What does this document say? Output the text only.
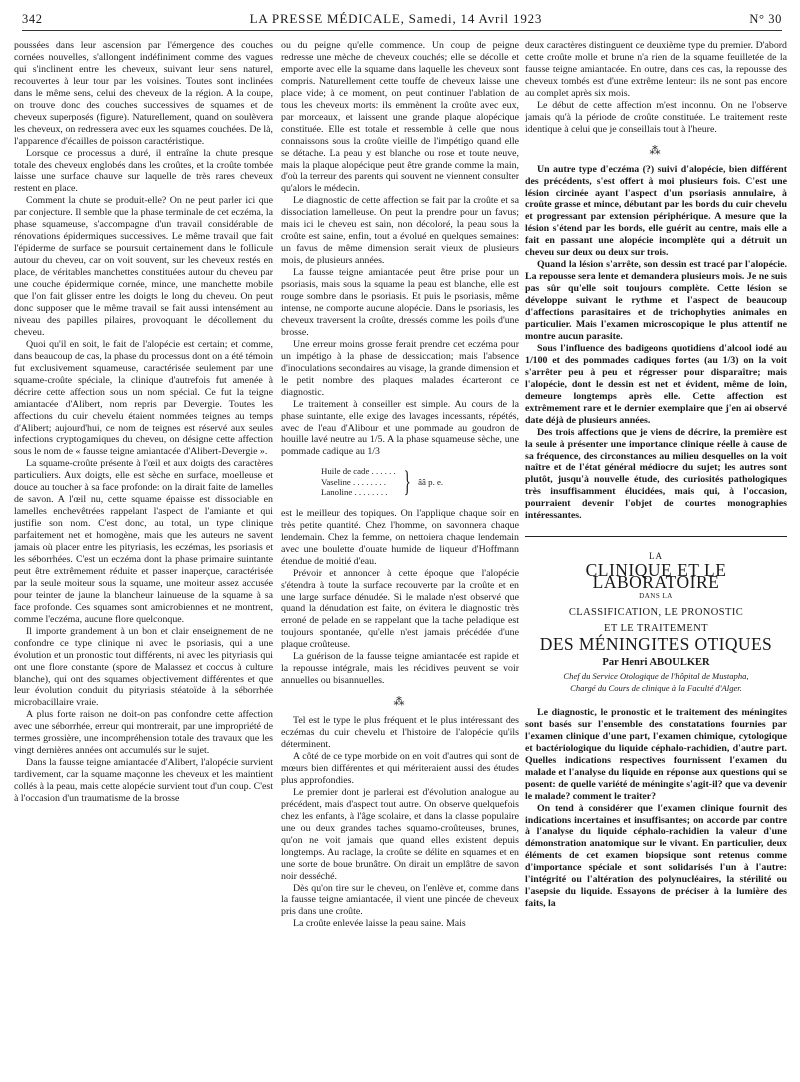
342	LA PRESSE MÉDICALE, Samedi, 14 Avril 1923	N° 30

poussées dans leur ascension par l'émergence des couches cornées nouvelles, s'allongent indéfiniment comme des vagues qui s'inclinent entre les cheveux, suivant leur sens naturel, recouvertes à leur tour par les voisines. Toutes sont inclinées dans le même sens, celui des cheveux de la région. A la coupe, on trouve donc des couches successives de squames et de cheveux superposés (figure). Naturellement, quand on soulèvera les cheveux, on redressera avec eux les squames couchées. De là, l'apparence d'écailles de poisson caractéristique.

Lorsque ce processus a duré, il entraîne la chute presque totale des cheveux englobés dans les croûtes, et la croûte tombée laisse une surface chauve sur laquelle de très rares cheveux restent en place.

Comment la chute se produit-elle? On ne peut parler ici que par conjecture. Il semble que la phase terminale de cet eczéma, la phase squameuse, s'accompagne d'un travail considérable de rénovations épidermiques successives. Le même travail que fait l'épiderme de surface se poursuit certainement dans le follicule autour du cheveu, car on voit souvent, sur les cheveux restés en place, de véritables manchettes constituées autour du cheveu par une couche épidermique cornée, mince, une manchette mobile que l'on fait glisser entre les doigts le long du cheveu. On peut donc supposer que le même travail se fait aussi intensément au niveau des papilles pilaires, provoquant le décollement du cheveu.

Quoi qu'il en soit, le fait de l'alopécie est certain; et comme, dans beaucoup de cas, la phase du processus dont on a été témoin fut exclusivement squameuse, caractérisée seulement par une squame-croûte spéciale, la clinique d'autrefois fut amenée à décrire cette affection sous un nom spécial. Ce fut la teigne amiantacée d'Alibert, nom repris par Devergie. Toutes les affections du cuir chevelu étaient nommées teignes au temps d'Alibert; aujourd'hui, ce nom de teignes est réservé aux seules infections cryptogamiques du cheveu, on désigne cette affection sous le nom de « fausse teigne amiantacée d'Alibert-Devergie ».

La squame-croûte présente à l'œil et aux doigts des caractères particuliers. Aux doigts, elle est sèche en surface, moelleuse et douce au toucher à sa face profonde: on la dirait faite de lamelles de savon. A l'œil nu, cette squame épaisse est dissociable en lamelles enchevêtrées rappelant l'aspect de l'amiante et qui justifie son nom. C'est donc, au total, un type clinique parfaitement net et homogène, mais que les auteurs ne savent jamais où placer entre les pityriasis, les eczémas, les psoriasis et les séborrhées. C'est un eczéma dont la phase primaire suintante peut être extrêmement réduite et passer inaperçue, caractérisée par la seule moiteur sous la squame, une moiteur assez accusée pour teinter de jaune la blancheur lainueuse de la squame à sa face profonde. Ces squames sont amicrobiennes et ne montrent, comme l'eczéma, aucune flore quelconque.

Il importe grandement à un bon et clair enseignement de ne confondre ce type clinique ni avec le psoriasis, qui a une évolution et un pronostic tout différents, ni avec les pityriasis qui ont une flore constante (spore de Malassez et coccus à culture blanche), qui ont des squames objectivement différentes et que leur évolution conduit du pityriasis stéatoïde à la séborrhée microbacillaire vraie.

A plus forte raison ne doit-on pas confondre cette affection avec une séborrhée, erreur qui montrerait, par une impropriété de termes grossière, une incompréhension totale des travaux que les vingt dernières années ont accumulés sur le sujet.

Dans la fausse teigne amiantacée d'Alibert, l'alopécie survient tardivement, car la squame maçonne les cheveux et les maintient collés à la peau, mais cette alopécie survient tout d'un coup. C'est à l'occasion d'un traumatisme de la brosse

ou du peigne qu'elle commence. Un coup de peigne redresse une mèche de cheveux couchés; elle se décolle et emporte avec elle la squame dans laquelle les cheveux sont compris. Naturellement cette touffe de cheveux laisse une place vide; à ce moment, on peut continuer l'ablation de tous les cheveux morts: ils emmènent la croûte avec eux, par morceaux, et laissent une grande plaque alopécique constituée. Elle est totale et ressemble à celle que nous connaissons sous la croûte vieille de l'impétigo quand elle se détache. La peau y est blanche ou rose et toute neuve, mais la plaque alopécique peut être grande comme la main, d'où la terreur des parents qui souvent ne viennent consulter qu'alors le médecin.

Le diagnostic de cette affection se fait par la croûte et sa dissociation lamelleuse. On peut la prendre pour un favus; mais ici le cheveu est sain, non décoloré, la peau sous la croûte est saine, enfin, tout a évolué en quelques semaines: un favus de même dimension serait vieux de plusieurs mois, de plusieurs années.

La fausse teigne amiantacée peut être prise pour un psoriasis, mais sous la squame la peau est blanche, elle est rouge sombre dans le psoriasis. Et puis le psoriasis, même intense, ne comporte aucune alopécie. Dans le psoriasis, les cheveux traversent la croûte, dressés comme les poils d'une brosse.

Une erreur moins grosse ferait prendre cet eczéma pour un impétigo à la phase de dessiccation; mais l'absence d'inoculations secondaires au visage, la grande dimension et le petit nombre des plaques malades écarteront ce diagnostic.

Le traitement à conseiller est simple. Au cours de la phase suintante, elle exige des lavages incessants, répétés, avec de l'eau d'Alibour et une pommade au goudron de houille lavé neutre au 1/5. A la phase squameuse sèche, une pommade cadique au 1/3

Huile de cade . . . . . .
Vaseline . . . . . . . .
Lanoline . . . . . . . . } ââ p. e.

est le meilleur des topiques. On l'applique chaque soir en très petite quantité. Chez l'homme, on savonnera chaque lendemain. Chez la femme, on nettoiera chaque lendemain avec une boulette d'ouate humide de liqueur d'Hoffmann étendue de moitié d'eau.

Prévoir et annoncer à cette époque que l'alopécie s'étendra à toute la surface recouverte par la croûte et en une large surface dénudée. Si le malade n'est observé que quand la dénudation est faite, on évitera le diagnostic très erroné de pelade en se rappelant que la tache peladique est toujours spontanée, qu'elle n'est jamais précédée d'une plaque croûteuse.

La guérison de la fausse teigne amiantacée est rapide et la repousse intégrale, mais les récidives peuvent se voir annuelles ou bisannuelles.

⁂

Tel est le type le plus fréquent et le plus intéressant des eczémas du cuir chevelu et l'histoire de l'alopécie qu'ils déterminent.

A côté de ce type morbide on en voit d'autres qui sont de mœurs bien différentes et qui mériteraient aussi des études plus approfondies.

Le premier dont je parlerai est d'évolution analogue au précédent, mais d'aspect tout autre. On observe quelquefois chez les enfants, à l'âge scolaire, et dans la classe populaire une ou deux grandes taches squamo-croûteuses, brunes, qu'on ne voit jamais que quand elles existent depuis longtemps. Au raclage, la croûte se délite en squames et en une sorte de boue brunâtre. On dirait un emplâtre de savon noir desséché.

Dès qu'on tire sur le cheveu, on l'enlève et, comme dans la fausse teigne amiantacée, il vient une pincée de cheveux pris dans une croûte.

La croûte enlevée laisse la peau saine. Mais

deux caractères distinguent ce deuxième type du premier. D'abord cette croûte molle et brune n'a rien de la squame feuilletée de la fausse teigne amiantacée. En outre, dans ces cas, la repousse des cheveux tombés est d'une extrême lenteur: ils ne sont pas encore au complet après six mois.

Le début de cette affection m'est inconnu. On ne l'observe jamais qu'à la période de croûte constituée. Le traitement reste identique à celui que je conseillais tout à l'heure.

⁂

Un autre type d'eczéma (?) suivi d'alopécie, bien différent des précédents, s'est offert à moi plusieurs fois. C'est une lésion circinée ayant l'aspect d'un psoriasis annulaire, à croûte grasse et mince, débutant par les bords du cuir chevelu et progressant par extension périphérique. A mesure que la lésion s'étend par les bords, elle guérit au centre, mais elle a fait en passant une alopécie incomplète qui a détruit un cheveu sur deux ou deux sur trois.

Quand la lésion s'arrête, son dessin est tracé par l'alopécie. La repousse sera lente et demandera plusieurs mois. Je ne suis pas sûr qu'elle soit toujours complète. Cette lésion se développe suivant le rythme et l'aspect de beaucoup d'affections parasitaires et de trichophyties animales en particulier. Mais l'examen microscopique le plus attentif ne montre aucun parasite.

Sous l'influence des badigeons quotidiens d'alcool iodé au 1/100 et des pommades cadiques fortes (au 1/3) on la voit s'arrêter peu à peu et régresser pour disparaître; mais l'alopécie, dont le dessin est net et évident, même de loin, demeure longtemps après elle. Cette affection est extrêmement rare et le dernier exemplaire que j'en ai observé date déjà de plusieurs années.

Des trois affections que je viens de décrire, la première est la seule à présenter une importance clinique réelle à cause de sa fréquence, des circonstances au milieu desquelles on la voit naître et de l'état général médiocre du sujet; les autres sont plutôt, jusqu'à nouvelle étude, des curiosités pathologiques très insuffisamment élucidées, mais qui, à l'occasion, pourraient devenir l'objet de courtes monographies intéressantes.

LA
CLINIQUE ET LE LABORATOIRE
DANS LA
CLASSIFICATION, LE PRONOSTIC
ET LE TRAITEMENT
DES MÉNINGITES OTIQUES
Par Henri ABOULKER
Chef du Service Otologique de l'hôpital de Mustapha,
Chargé du Cours de clinique à la Faculté d'Alger.

Le diagnostic, le pronostic et le traitement des méningites sont basés sur l'ensemble des constatations fournies par l'examen clinique d'une part, l'examen chimique, cytologique et bactériologique du liquide céphalo-rachidien, d'autre part. Quelles indications respectives fournissent l'examen du malade et l'analyse du liquide en réponse aux questions qui se posent: de quelle variété de méningite s'agit-il? que va devenir le malade? comment le traiter?

On tend à considérer que l'examen clinique fournit des indications incertaines et insuffisantes; on accorde par contre à l'analyse du liquide céphalo-rachidien la valeur d'une démonstration anatomique sur le vivant. En particulier, deux éléments de cet examen biopsique sont retenus comme d'importance spéciale et sont solidarisés l'un à l'autre: l'intégrité ou l'altération des polynucléaires, la stérilité ou l'asepsie du liquide. Essayons de préciser à la lumière des faits, la
